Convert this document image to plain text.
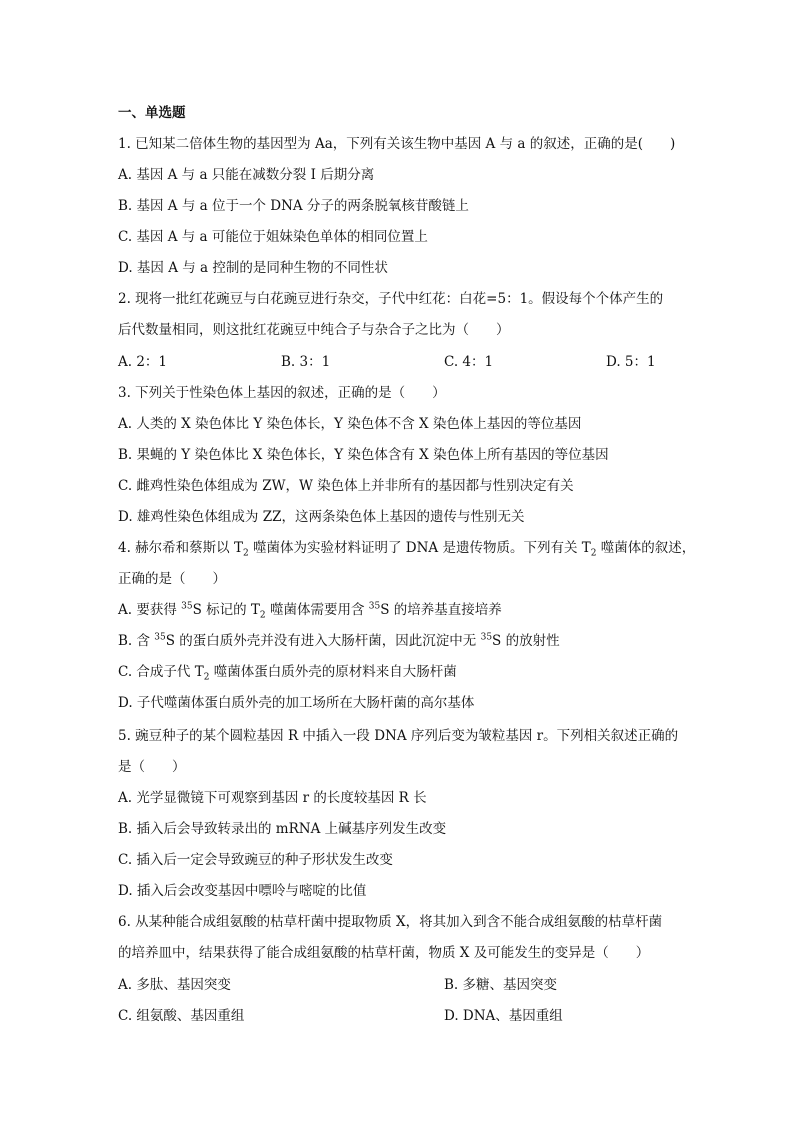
一、单选题
1. 已知某二倍体生物的基因型为 Aa，下列有关该生物中基因 A 与 a 的叙述，正确的是(　　)
A. 基因 A 与 a 只能在减数分裂 I 后期分离
B. 基因 A 与 a 位于一个 DNA 分子的两条脱氧核苷酸链上
C. 基因 A 与 a 可能位于姐妹染色单体的相同位置上
D. 基因 A 与 a 控制的是同种生物的不同性状
2. 现将一批红花豌豆与白花豌豆进行杂交，子代中红花：白花=5：1。假设每个个体产生的
后代数量相同，则这批红花豌豆中纯合子与杂合子之比为（　　）
A. 2：1	B. 3：1	C. 4：1	D. 5：1
3. 下列关于性染色体上基因的叙述，正确的是（　　）
A. 人类的 X 染色体比 Y 染色体长，Y 染色体不含 X 染色体上基因的等位基因
B. 果蝇的 Y 染色体比 X 染色体长，Y 染色体含有 X 染色体上所有基因的等位基因
C. 雌鸡性染色体组成为 ZW，W 染色体上并非所有的基因都与性别决定有关
D. 雄鸡性染色体组成为 ZZ，这两条染色体上基因的遗传与性别无关
4. 赫尔希和蔡斯以 $T_2$ 噬菌体为实验材料证明了 DNA 是遗传物质。下列有关 $T_2$ 噬菌体的叙述，
正确的是（　　）
A. 要获得 $^{35}$S 标记的 $T_2$ 噬菌体需要用含 $^{35}$S 的培养基直接培养
B. 含 $^{35}$S 的蛋白质外壳并没有进入大肠杆菌，因此沉淀中无 $^{35}$S 的放射性
C. 合成子代 $T_2$ 噬菌体蛋白质外壳的原材料来自大肠杆菌
D. 子代噬菌体蛋白质外壳的加工场所在大肠杆菌的高尔基体
5. 豌豆种子的某个圆粒基因 R 中插入一段 DNA 序列后变为皱粒基因 r。下列相关叙述正确的
是（　　）
A. 光学显微镜下可观察到基因 r 的长度较基因 R 长
B. 插入后会导致转录出的 mRNA 上碱基序列发生改变
C. 插入后一定会导致豌豆的种子形状发生改变
D. 插入后会改变基因中嘌呤与嘧啶的比值
6. 从某种能合成组氨酸的枯草杆菌中提取物质 X，将其加入到含不能合成组氨酸的枯草杆菌
的培养皿中，结果获得了能合成组氨酸的枯草杆菌，物质 X 及可能发生的变异是（　　）
A. 多肽、基因突变	B. 多糖、基因突变
C. 组氨酸、基因重组	D. DNA、基因重组
